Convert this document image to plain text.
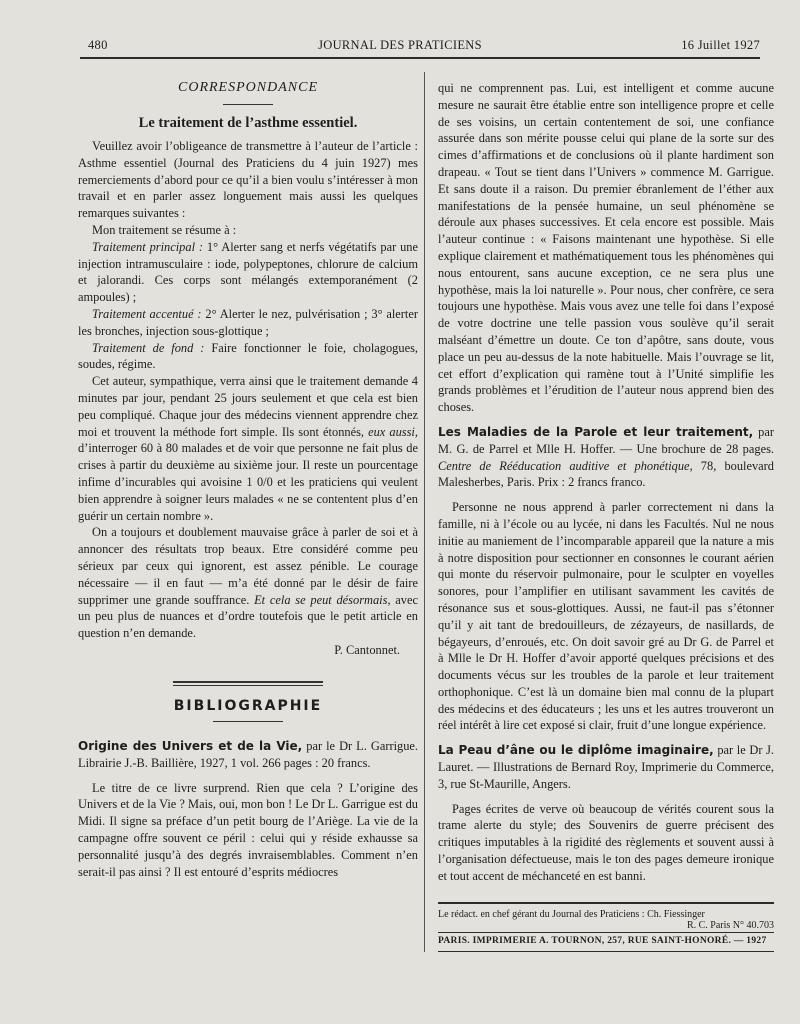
480	JOURNAL DES PRATICIENS	16 Juillet 1927

CORRESPONDANCE

Le traitement de l’asthme essentiel.

Veuillez avoir l’obligeance de transmettre à l’auteur de l’article : Asthme essentiel (Journal des Praticiens du 4 juin 1927) mes remerciements d’abord pour ce qu’il a bien voulu s’intéresser à mon travail et en parler assez longuement mais aussi les quelques remarques suivantes :

Mon traitement se résume à :

Traitement principal : 1° Alerter sang et nerfs végétatifs par une injection intramusculaire : iode, polypeptones, chlorure de calcium et jalorandi. Ces corps sont mélangés extemporanément (2 ampoules) ;

Traitement accentué : 2° Alerter le nez, pulvérisation ; 3° alerter les bronches, injection sous-glottique ;

Traitement de fond : Faire fonctionner le foie, cholagogues, soudes, régime.

Cet auteur, sympathique, verra ainsi que le traitement demande 4 minutes par jour, pendant 25 jours seulement et que cela est bien peu compliqué. Chaque jour des médecins viennent apprendre chez moi et trouvent la méthode fort simple. Ils sont étonnés, eux aussi, d’interroger 60 à 80 malades et de voir que personne ne fait plus de crises à partir du deuxième au sixième jour. Il reste un pourcentage infime d’incurables qui avoisine 1 0/0 et les praticiens qui veulent bien apprendre à soigner leurs malades « ne se contentent plus d’en guérir un certain nombre ».

On a toujours et doublement mauvaise grâce à parler de soi et à annoncer des résultats trop beaux. Etre considéré comme peu sérieux par ceux qui ignorent, est assez pénible. Le courage nécessaire — il en faut — m’a été donné par le désir de faire supprimer une grande souffrance. Et cela se peut désormais, avec un peu plus de nuances et d’ordre toutefois que le petit article en question n’en demande.

P. Cantonnet.

BIBLIOGRAPHIE

Origine des Univers et de la Vie, par le Dr L. Garrigue. Librairie J.-B. Baillière, 1927, 1 vol. 266 pages : 20 francs.

Le titre de ce livre surprend. Rien que cela ? L’origine des Univers et de la Vie ? Mais, oui, mon bon ! Le Dr L. Garrigue est du Midi. Il signe sa préface d’un petit bourg de l’Ariège. La vie de la campagne offre souvent ce péril : celui qui y réside exhausse sa personnalité jusqu’à des degrés invraisemblables. Comment n’en serait-il pas ainsi ? Il est entouré d’esprits médiocres

qui ne comprennent pas. Lui, est intelligent et comme aucune mesure ne saurait être établie entre son intelligence propre et celle de ses voisins, un certain contentement de soi, une confiance assurée dans son mérite pousse celui qui plane de la sorte sur des cimes d’affirmations et de conclusions où il plante hardiment son drapeau. « Tout se tient dans l’Univers » commence M. Garrigue. Et sans doute il a raison. Du premier ébranlement de l’éther aux manifestations de la pensée humaine, un seul phénomène se déroule aux phases successives. Et cela encore est possible. Mais l’auteur continue : « Faisons maintenant une hypothèse. Si elle explique clairement et mathématiquement tous les phénomènes qui nous entourent, sans aucune exception, ce ne sera plus une hypothèse, mais la loi naturelle ». Pour nous, cher confrère, ce sera toujours une hypothèse. Mais vous avez une telle foi dans l’exposé de votre doctrine une telle passion vous soulève qu’il serait malséant d’émettre un doute. Ce ton d’apôtre, sans doute, vous place un peu au-dessus de la note habituelle. Mais l’ouvrage se lit, cet effort d’explication qui ramène tout à l’Unité simplifie les grands problèmes et l’érudition de l’auteur nous apprend bien des choses.

Les Maladies de la Parole et leur traitement, par M. G. de Parrel et Mlle H. Hoffer. — Une brochure de 28 pages. Centre de Rééducation auditive et phonétique, 78, boulevard Malesherbes, Paris. Prix : 2 francs franco.

Personne ne nous apprend à parler correctement ni dans la famille, ni à l’école ou au lycée, ni dans les Facultés. Nul ne nous initie au maniement de l’incomparable appareil que la nature a mis à notre disposition pour sectionner en consonnes le courant aérien qui monte du réservoir pulmonaire, pour le sculpter en voyelles sonores, pour l’amplifier en utilisant savamment les cavités de résonance sus et sous-glottiques. Aussi, ne faut-il pas s’étonner qu’il y ait tant de bredouilleurs, de zézayeurs, de nasillards, de bégayeurs, d’enroués, etc. On doit savoir gré au Dr G. de Parrel et à Mlle le Dr H. Hoffer d’avoir apporté quelques précisions et des documents vécus sur les troubles de la parole et leur traitement orthophonique. C’est là un domaine bien mal connu de la plupart des médecins et des éducateurs ; les uns et les autres trouveront un réel intérêt à lire cet exposé si clair, fruit d’une longue expérience.

La Peau d’âne ou le diplôme imaginaire, par le Dr J. Lauret. — Illustrations de Bernard Roy, Imprimerie du Commerce, 3, rue St-Maurille, Angers.

Pages écrites de verve où beaucoup de vérités courent sous la trame alerte du style; des Souvenirs de guerre précisent des critiques imputables à la rigidité des règlements et souvent aussi à l’organisation défectueuse, mais le ton des pages demeure ironique et tout accent de méchanceté en est banni.

Le rédact. en chef gérant du Journal des Praticiens : Ch. Fiessinger
R. C. Paris N° 40.703
PARIS. IMPRIMERIE A. TOURNON, 257, RUE SAINT-HONORÉ. — 1927
